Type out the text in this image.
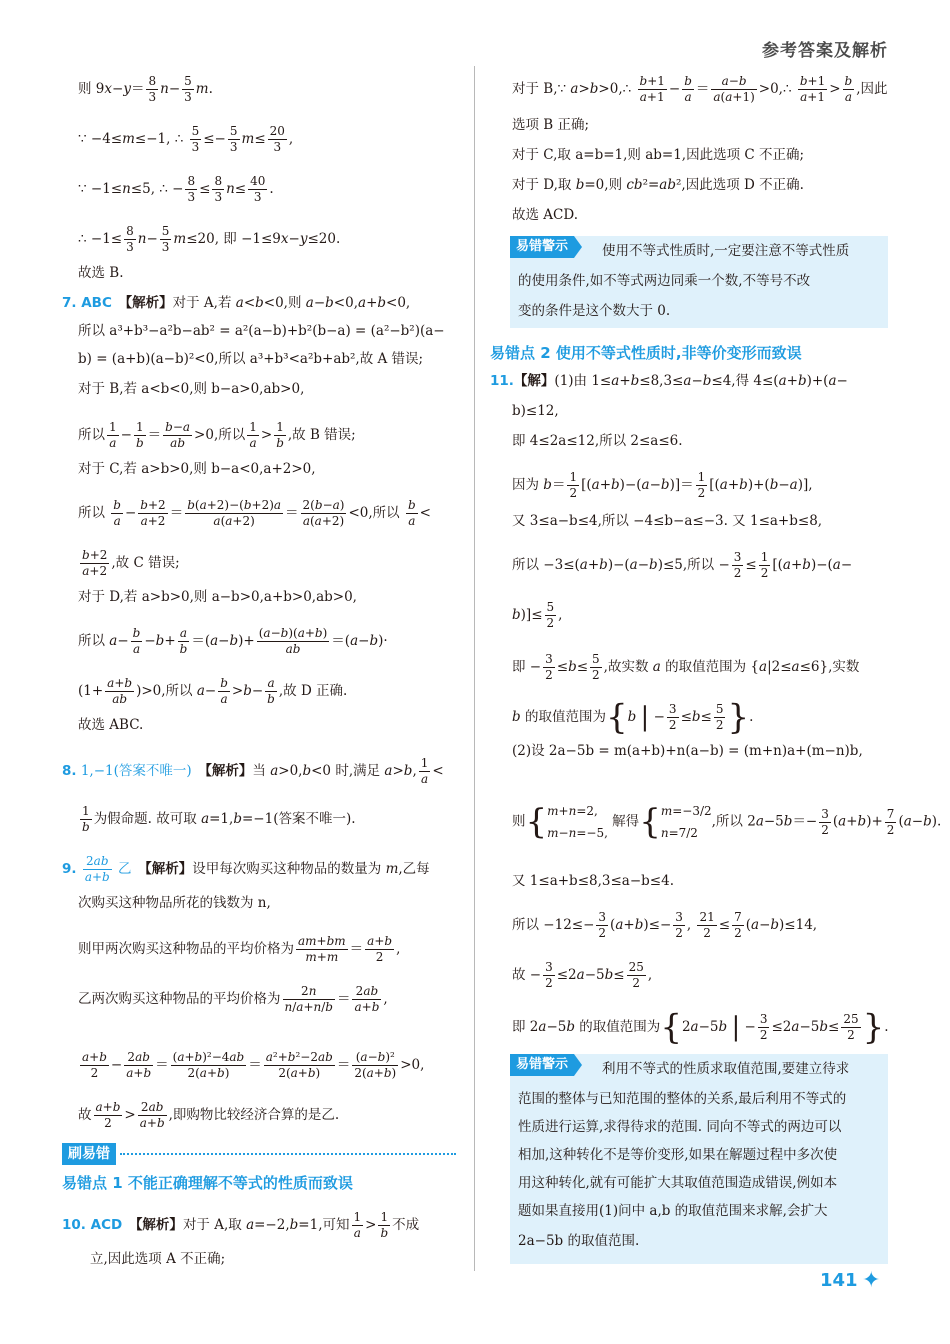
参考答案及解析
则 $9x-y= \frac{8}{3} n- \frac{5}{3} m$.
∵ −4≤m≤−1, ∴ $\frac{5}{3} \le- \frac{5}{3} m\le \frac{20}{3}$ ,
∵ −1≤n≤5, ∴ − $\frac{8}{3} \le \frac{8}{3} n\le \frac{40}{3}$ .
∴ $-1\le \frac{8}{3} n- \frac{5}{3} m\le 20$, 即 −1≤9x−y≤20.
故选 B.
7. ABC　 【解析】对于 A,若 a<b<0,则 a−b<0,a+b<0,
所以 a³+b³−a²b−ab² = a²(a−b)+b²(b−a) = (a²−b²)(a−
b) = (a+b)(a−b)²<0,所以 a³+b³<a²b+ab²,故 A 错误;
对于 B,若 a<b<0,则 b−a>0,ab>0,
所以 $\frac{1}{a} - \frac{1}{b} = \frac{b-a}{ab} >0$,所以 $\frac{1}{a} > \frac{1}{b}$ ,故 B 错误;
对于 C,若 a>b>0,则 b−a<0,a+2>0,
所以 $\frac{b}{a} - \frac{b+2}{a+2} = \frac{b(a+2)-(b+2)a}{a(a+2)} = \frac{2(b-a)}{a(a+2)} <0$,所以 $\frac{b}{a}$ <
$\frac{b+2}{a+2}$ ,故 C 错误;
对于 D,若 a>b>0,则 a−b>0,a+b>0,ab>0,
所以 $a- \frac{b}{a} -b+ \frac{a}{b} =(a-b)+ \frac{(a-b)(a+b)}{ab} =(a-b)\cdot$
$(1+ \frac{a+b}{ab} )>0$,所以 $a- \frac{b}{a} >b- \frac{a}{b}$ ,故 D 正确.
故选 ABC.
8. 1,−1(答案不唯一)　 【解析】当 a>0,b<0 时,满足 a>b, $\frac{1}{a}$ <
$\frac{1}{b}$ 为假命题. 故可取 a=1,b=−1(答案不唯一).
9. $\frac{2ab}{a+b}$ 乙　 【解析】设甲每次购买这种物品的数量为 m,乙每
次购买这种物品所花的钱数为 n,
则甲两次购买这种物品的平均价格为 $\frac{am+bm}{m+m} = \frac{a+b}{2}$ ,
乙两次购买这种物品的平均价格为 $\frac{2n}{n/a+n/b} = \frac{2ab}{a+b}$ ,
$\frac{a+b}{2} - \frac{2ab}{a+b} = \frac{\text{(a+b)²−4ab}}{2(a+b)} = \frac{\text{a²+b²−2ab}}{2(a+b)} = \frac{\text{(a−b)²}}{2(a+b)} >0$,
故 $\frac{a+b}{2} > \frac{2ab}{a+b}$ ,即购物比较经济合算的是乙.
刷易错
易错点 1 不能正确理解不等式的性质而致误
10. ACD　 【解析】对于 A,取 a=−2,b=1,可知 $\frac{1}{a} > \frac{1}{b}$ 不成
立,因此选项 A 不正确;
对于 B,∵ a>b>0,∴ $\frac{b+1}{a+1} - \frac{b}{a} = \frac{a-b}{a(a+1)}$ >0,∴ $\frac{b+1}{a+1} > \frac{b}{a}$ ,因此
选项 B 正确;
对于 C,取 a=b=1,则 ab=1,因此选项 C 不正确;
对于 D,取 b=0,则 cb²=ab²,因此选项 D 不正确.
故选 ACD.
易错警示	使用不等式性质时,一定要注意不等式性质
的使用条件,如不等式两边同乘一个数,不等号不改
变的条件是这个数大于 0.
易错点 2 使用不等式性质时,非等价变形而致误
11.【解】(1)由 1≤a+b≤8,3≤a−b≤4,得 4≤(a+b)+(a−
b)≤12,
即 4≤2a≤12,所以 2≤a≤6.
因为 $b= \frac{1}{2} [(a+b)-(a-b)]= \frac{1}{2} [(a+b)+(b-a)]$,
又 3≤a−b≤4,所以 −4≤b−a≤−3. 又 1≤a+b≤8,
所以 −3≤(a+b)−(a−b)≤5,所以 − $\frac{3}{2} \le \frac{1}{2} [(a+b)-(a-$
$b)]\le \frac{5}{2}$ ,
即 − $\frac{3}{2} \le b\le \frac{5}{2}$ ,故实数 a 的取值范围为 {a|2≤a≤6},实数
b 的取值范围为{b | − $\frac{3}{2} \le b\le \frac{5}{2}$ }.
(2)设 2a−5b = m(a+b)+n(a−b) = (m+n)a+(m−n)b,
则{m+n=2,
m−n=−5, 解得{m=−3/2
n=7/2,所以 $2a-5b=- \frac{3}{2} (a+b)+ \frac{7}{2} (a-b)$.
又 1≤a+b≤8,3≤a−b≤4.
所以 $-12\le- \frac{3}{2} (a+b)\le- \frac{3}{2}$ , $\frac{21}{2} \le \frac{7}{2} (a-b)\le 14$,
故 − $\frac{3}{2} \le 2a-5b\le \frac{25}{2}$ ,
即 2a−5b 的取值范围为{2a−5b | − $\frac{3}{2} \le 2a-5b\le \frac{25}{2}$ }.
易错警示	利用不等式的性质求取值范围,要建立待求
范围的整体与已知范围的整体的关系,最后利用不等式的
性质进行运算,求得待求的范围. 同向不等式的两边可以
相加,这种转化不是等价变形,如果在解题过程中多次使
用这种转化,就有可能扩大其取值范围造成错误,例如本
题如果直接用(1)问中 a,b 的取值范围来求解,会扩大
2a−5b 的取值范围.
141 ✦
